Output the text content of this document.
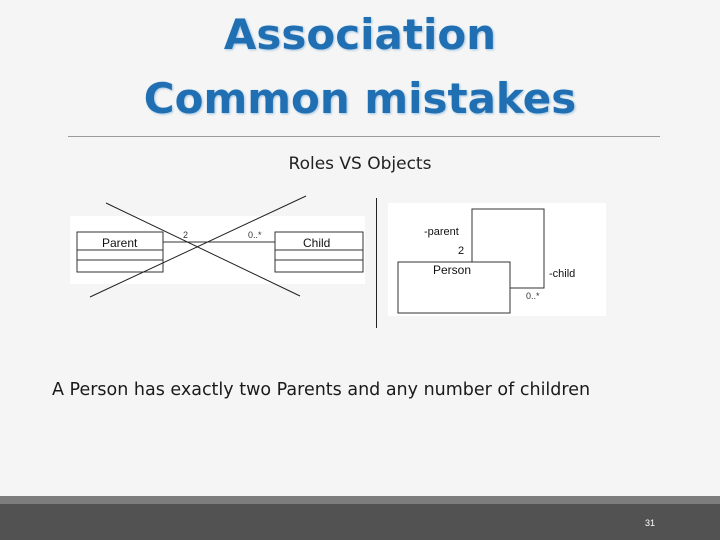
Association
Common mistakes
Roles VS Objects
Parent	Child
2	0..*
Person
-parent
2
-child
0..*
A Person has exactly two Parents and any number of children
31
